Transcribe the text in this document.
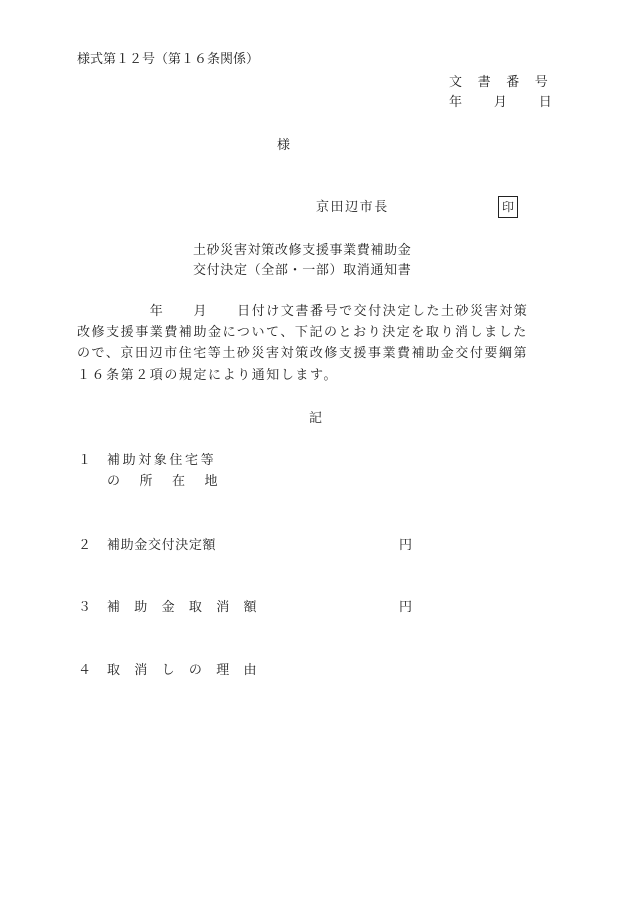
様式第１２号（第１６条関係）
文　書　番　号
年　　月　　日
様
京田辺市長	印
土砂災害対策改修支援事業費補助金
交付決定（全部・一部）取消通知書
　　　　　年　　月　　日付け文書番号で交付決定した土砂災害対策
改修支援事業費補助金について、下記のとおり決定を取り消しました
ので、京田辺市住宅等土砂災害対策改修支援事業費補助金交付要綱第
１６条第２項の規定により通知します。
記
１ 補助対象住宅等
の　所　在　地
２ 補助金交付決定額	円
３ 補　助　金　取　消　額	円
４ 取　消　し　の　理　由
